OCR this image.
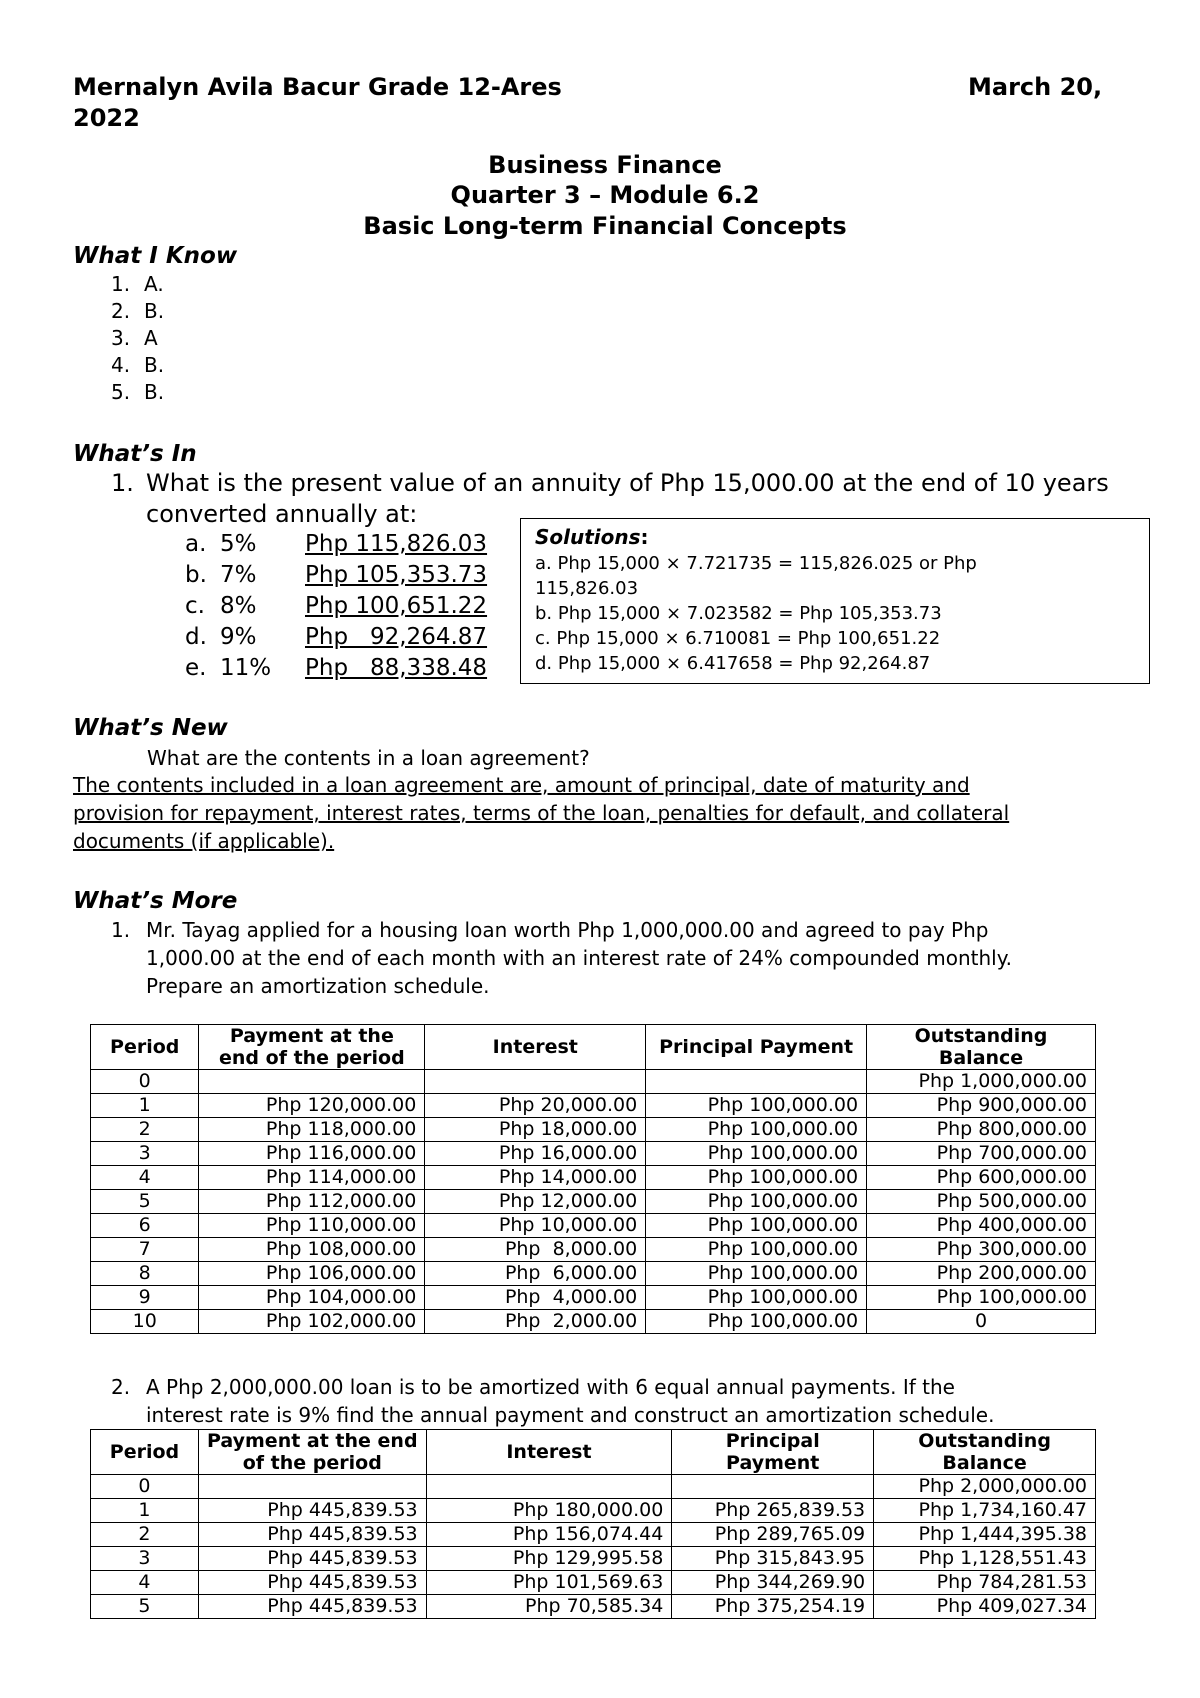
Mernalyn Avila Bacur Grade 12-Ares	March 20,
2022
Business Finance
Quarter 3 – Module 6.2
Basic Long-term Financial Concepts
What I Know
1. A.
2. B.
3. A
4. B.
5. B.
What’s In
1. What is the present value of an annuity of Php 15,000.00 at the end of 10 years
converted annually at:
a. 5% Php 115,826.03
b. 7% Php 105,353.73
c. 8% Php 100,651.22
d. 9% Php   92,264.87
e. 11% Php   88,338.48
Solutions:
a. Php 15,000 × 7.721735 = 115,826.025 or Php
115,826.03
b. Php 15,000 × 7.023582 = Php 105,353.73
c. Php 15,000 × 6.710081 = Php 100,651.22
d. Php 15,000 × 6.417658 = Php 92,264.87
What’s New
What are the contents in a loan agreement?
The contents included in a loan agreement are, amount of principal, date of maturity and
provision for repayment, interest rates, terms of the loan, penalties for default, and collateral
documents (if applicable).
What’s More
1. Mr. Tayag applied for a housing loan worth Php 1,000,000.00 and agreed to pay Php
1,000.00 at the end of each month with an interest rate of 24% compounded monthly.
Prepare an amortization schedule.
Period	Payment at the end of the period	Interest	Principal Payment	Outstanding Balance
0				Php 1,000,000.00
1	Php 120,000.00	Php 20,000.00	Php 100,000.00	Php 900,000.00
2	Php 118,000.00	Php 18,000.00	Php 100,000.00	Php 800,000.00
3	Php 116,000.00	Php 16,000.00	Php 100,000.00	Php 700,000.00
4	Php 114,000.00	Php 14,000.00	Php 100,000.00	Php 600,000.00
5	Php 112,000.00	Php 12,000.00	Php 100,000.00	Php 500,000.00
6	Php 110,000.00	Php 10,000.00	Php 100,000.00	Php 400,000.00
7	Php 108,000.00	Php  8,000.00	Php 100,000.00	Php 300,000.00
8	Php 106,000.00	Php  6,000.00	Php 100,000.00	Php 200,000.00
9	Php 104,000.00	Php  4,000.00	Php 100,000.00	Php 100,000.00
10	Php 102,000.00	Php  2,000.00	Php 100,000.00	0
2. A Php 2,000,000.00 loan is to be amortized with 6 equal annual payments. If the
interest rate is 9% find the annual payment and construct an amortization schedule.
Period	Payment at the end of the period	Interest	Principal Payment	Outstanding Balance
0				Php 2,000,000.00
1	Php 445,839.53	Php 180,000.00	Php 265,839.53	Php 1,734,160.47
2	Php 445,839.53	Php 156,074.44	Php 289,765.09	Php 1,444,395.38
3	Php 445,839.53	Php 129,995.58	Php 315,843.95	Php 1,128,551.43
4	Php 445,839.53	Php 101,569.63	Php 344,269.90	Php 784,281.53
5	Php 445,839.53	Php 70,585.34	Php 375,254.19	Php 409,027.34
